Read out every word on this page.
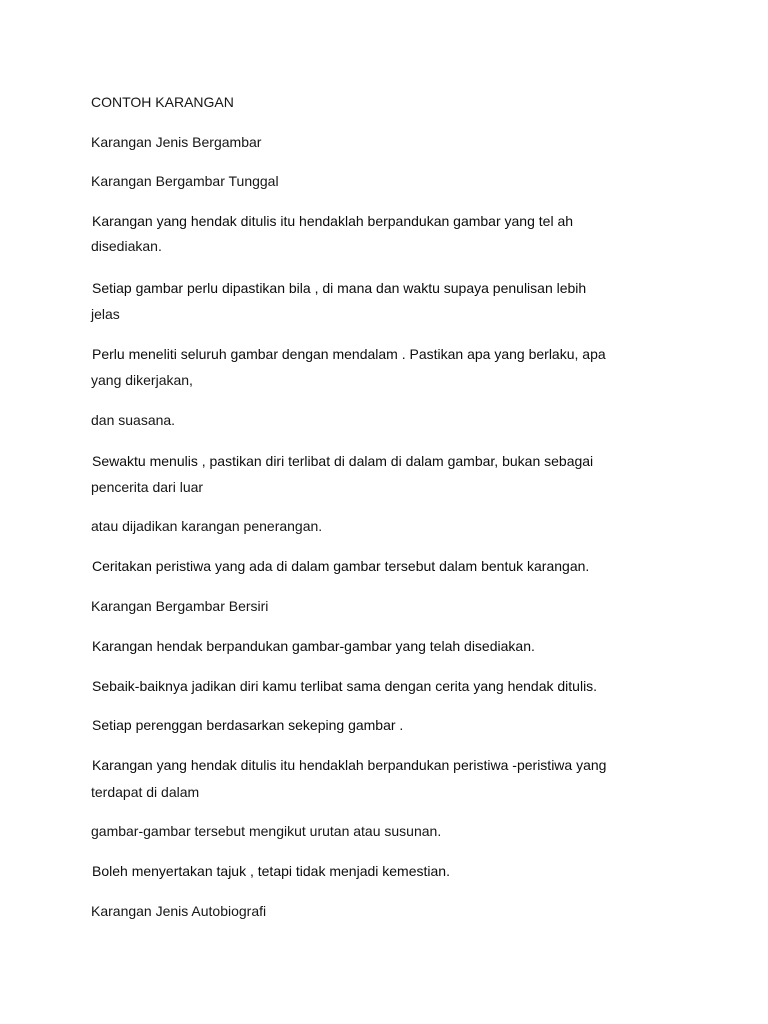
CONTOH KARANGAN
Karangan Jenis Bergambar
Karangan Bergambar Tunggal
Karangan yang hendak ditulis itu hendaklah berpandukan gambar yang tel ah
disediakan.
Setiap gambar perlu dipastikan bila , di mana dan waktu supaya penulisan lebih
jelas
Perlu meneliti seluruh gambar dengan mendalam . Pastikan apa yang berlaku, apa
yang dikerjakan,
dan suasana.
Sewaktu menulis , pastikan diri terlibat di dalam di dalam gambar, bukan sebagai
pencerita dari luar
atau dijadikan karangan penerangan.
Ceritakan peristiwa yang ada di dalam gambar tersebut dalam bentuk karangan.
Karangan Bergambar Bersiri
Karangan hendak berpandukan gambar-gambar yang telah disediakan.
Sebaik-baiknya jadikan diri kamu terlibat sama dengan cerita yang hendak ditulis.
Setiap perenggan berdasarkan sekeping gambar .
Karangan yang hendak ditulis itu hendaklah berpandukan peristiwa -peristiwa yang
terdapat di dalam
gambar-gambar tersebut mengikut urutan atau susunan.
Boleh menyertakan tajuk , tetapi tidak menjadi kemestian.
Karangan Jenis Autobiografi
